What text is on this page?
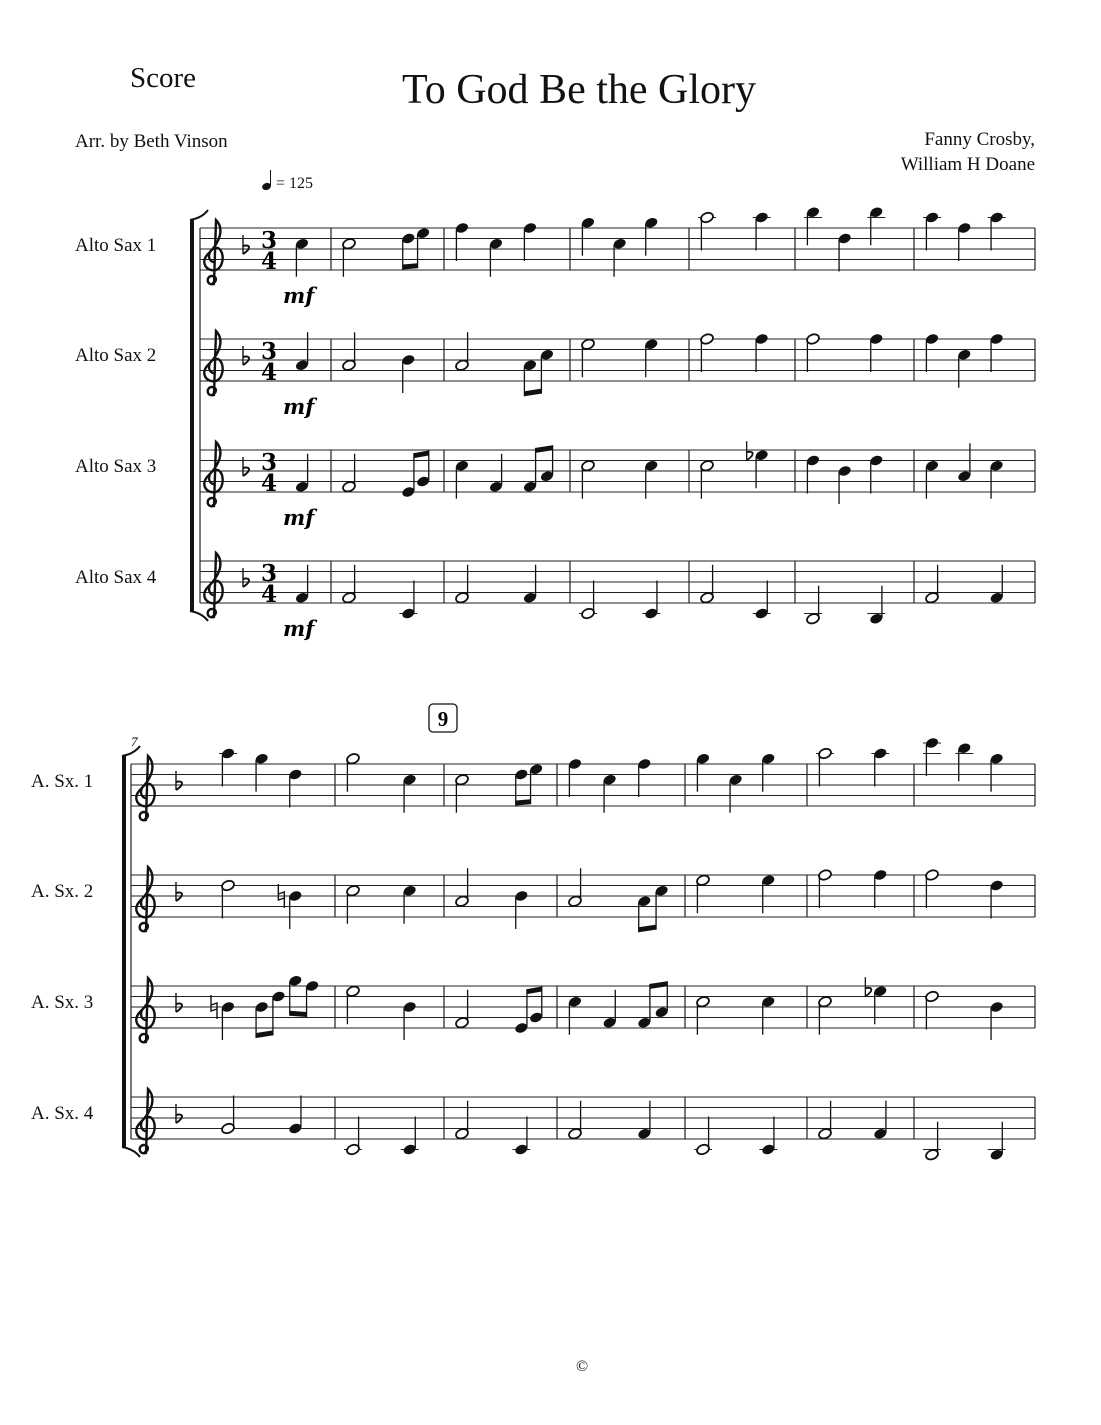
3
4
mf
3
4
mf
3
4
mf
3
4
mf
7
9
Score	To God Be the Glory
Arr. by Beth Vinson	Fanny Crosby,
William H Doane
= 125
Alto Sax 1
Alto Sax 2
Alto Sax 3
Alto Sax 4
A. Sx. 1
A. Sx. 2
A. Sx. 3
A. Sx. 4
©
